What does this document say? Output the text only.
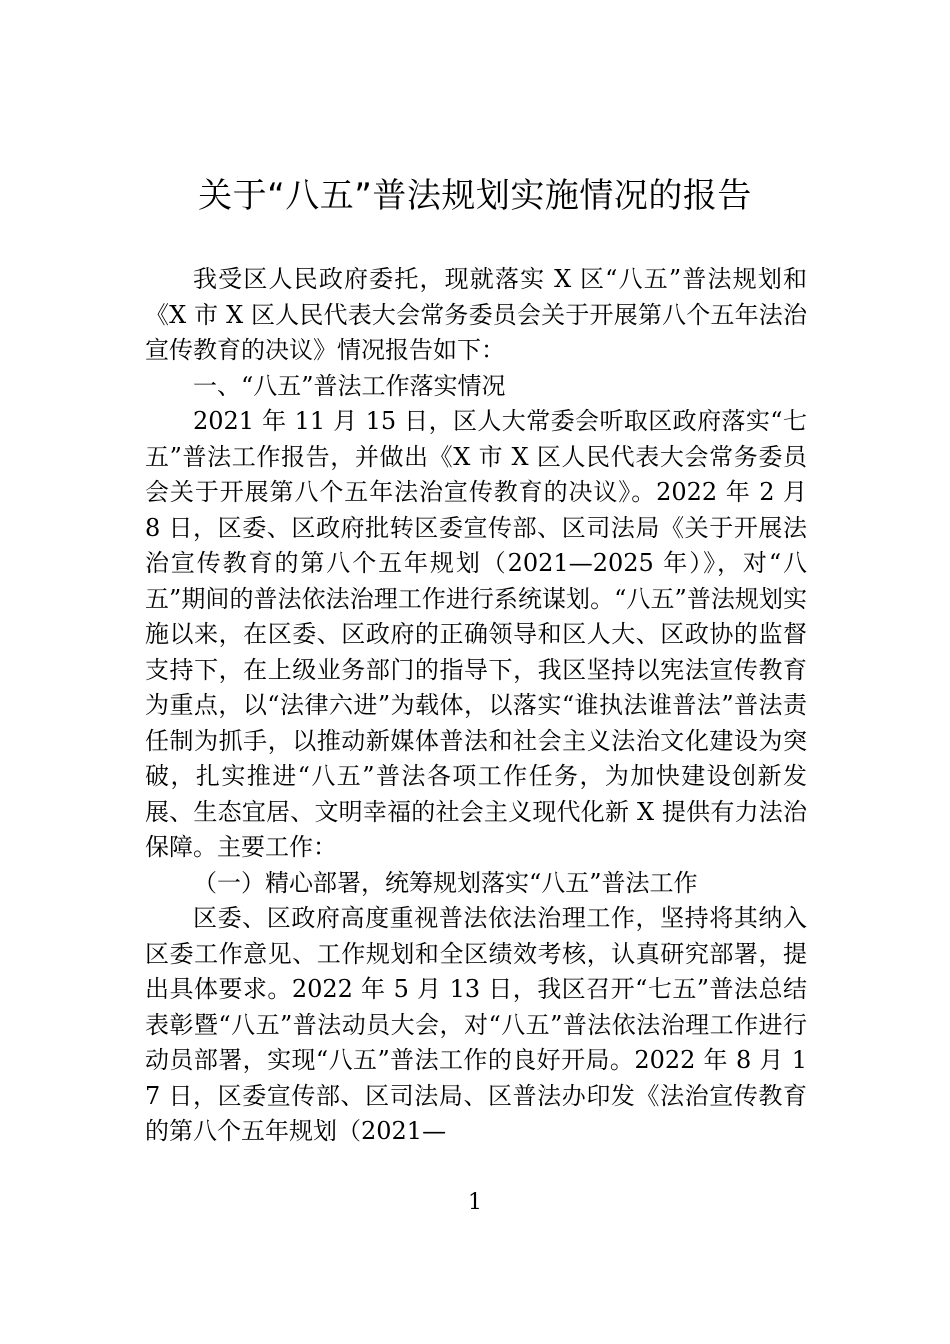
关于“八五”普法规划实施情况的报告

我受区人民政府委托，现就落实 X 区“八五”普法规划和《X 市 X 区人民代表大会常务委员会关于开展第八个五年法治宣传教育的决议》情况报告如下：

一、“八五”普法工作落实情况

2021 年 11 月 15 日，区人大常委会听取区政府落实“七五”普法工作报告，并做出《X 市 X 区人民代表大会常务委员会关于开展第八个五年法治宣传教育的决议》。2022 年 2 月 8 日，区委、区政府批转区委宣传部、区司法局《关于开展法治宣传教育的第八个五年规划（2021—2025 年）》，对“八五”期间的普法依法治理工作进行系统谋划。“八五”普法规划实施以来，在区委、区政府的正确领导和区人大、区政协的监督支持下，在上级业务部门的指导下，我区坚持以宪法宣传教育为重点，以“法律六进”为载体，以落实“谁执法谁普法”普法责任制为抓手，以推动新媒体普法和社会主义法治文化建设为突破，扎实推进“八五”普法各项工作任务，为加快建设创新发展、生态宜居、文明幸福的社会主义现代化新 X 提供有力法治保障。主要工作：

（一）精心部署，统筹规划落实“八五”普法工作

区委、区政府高度重视普法依法治理工作，坚持将其纳入区委工作意见、工作规划和全区绩效考核，认真研究部署，提出具体要求。2022 年 5 月 13 日，我区召开“七五”普法总结表彰暨“八五”普法动员大会，对“八五”普法依法治理工作进行动员部署，实现“八五”普法工作的良好开局。2022 年 8 月 17 日，区委宣传部、区司法局、区普法办印发《法治宣传教育的第八个五年规划（2021—

1
